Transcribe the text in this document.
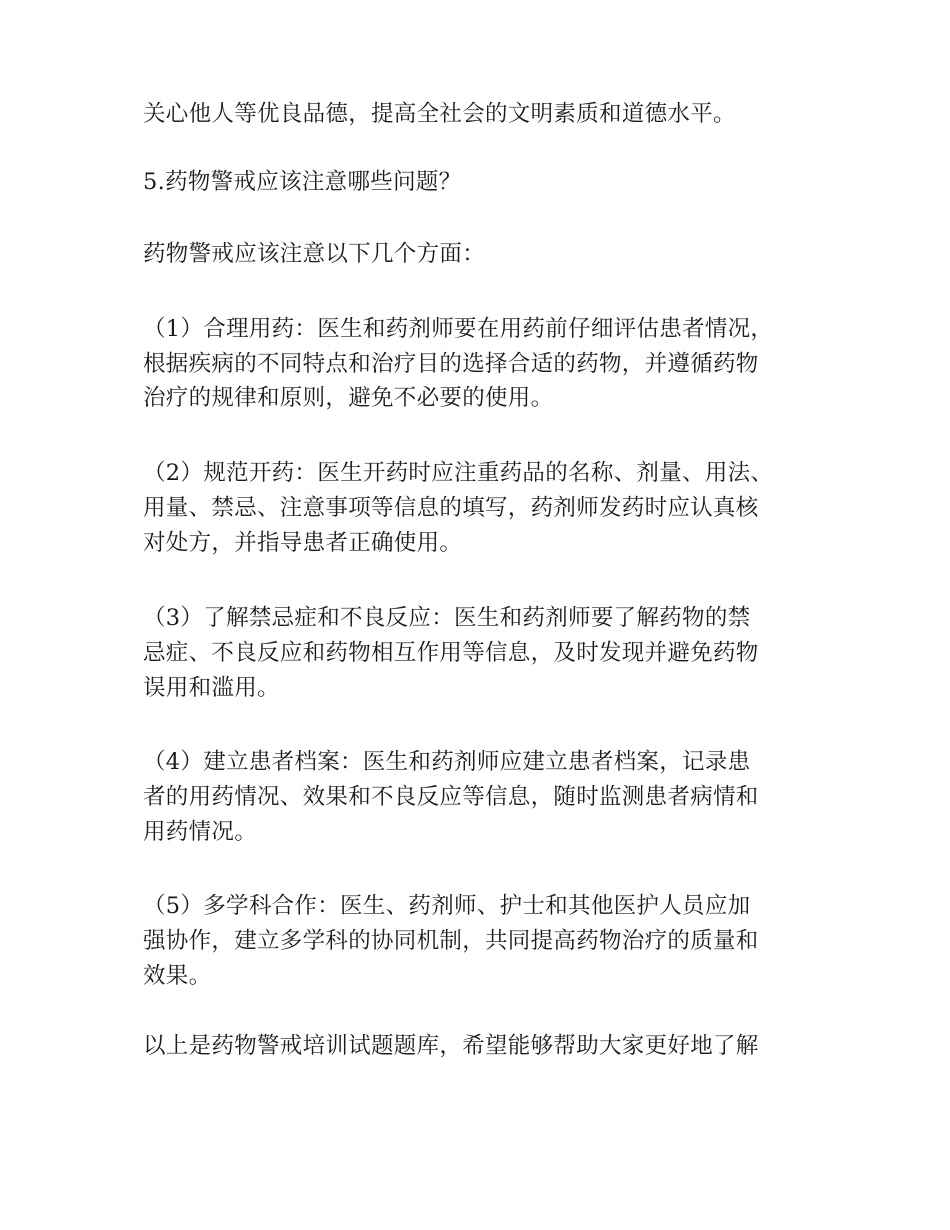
关心他人等优良品德，提高全社会的文明素质和道德水平。
5.药物警戒应该注意哪些问题？
药物警戒应该注意以下几个方面：
（1）合理用药：医生和药剂师要在用药前仔细评估患者情况，
根据疾病的不同特点和治疗目的选择合适的药物，并遵循药物
治疗的规律和原则，避免不必要的使用。
（2）规范开药：医生开药时应注重药品的名称、剂量、用法、
用量、禁忌、注意事项等信息的填写，药剂师发药时应认真核
对处方，并指导患者正确使用。
（3）了解禁忌症和不良反应：医生和药剂师要了解药物的禁
忌症、不良反应和药物相互作用等信息，及时发现并避免药物
误用和滥用。
（4）建立患者档案：医生和药剂师应建立患者档案，记录患
者的用药情况、效果和不良反应等信息，随时监测患者病情和
用药情况。
（5）多学科合作：医生、药剂师、护士和其他医护人员应加
强协作，建立多学科的协同机制，共同提高药物治疗的质量和
效果。
以上是药物警戒培训试题题库，希望能够帮助大家更好地了解
